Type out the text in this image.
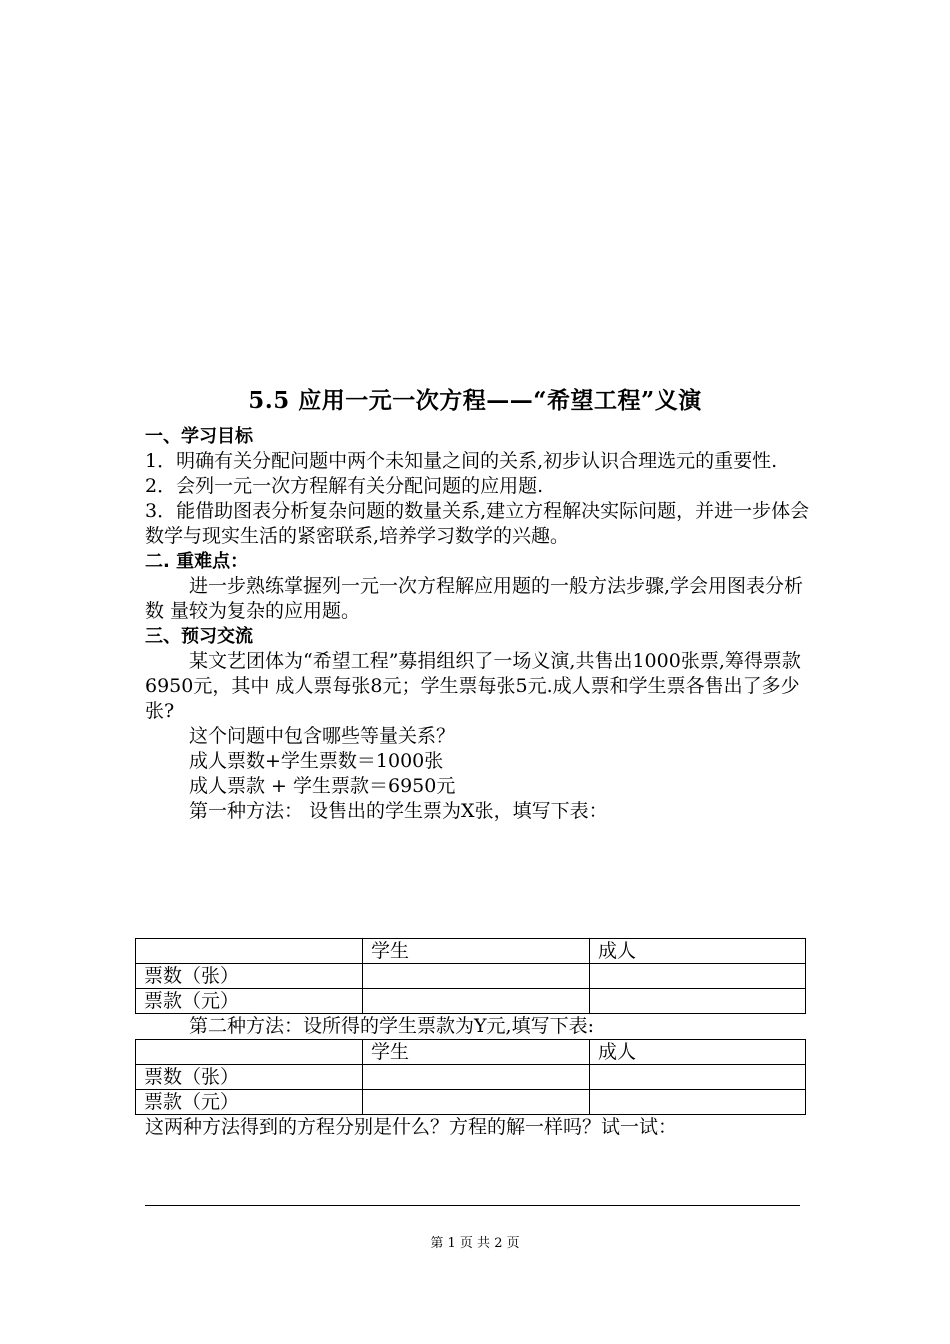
5.5 应用一元一次方程——“希望工程”义演
一、学习目标

1．明确有关分配问题中两个未知量之间的关系,初步认识合理选元的重要性.

2．会列一元一次方程解有关分配问题的应用题.

3．能借助图表分析复杂问题的数量关系,建立方程解决实际问题，并进一步体会数学与现实生活的紧密联系,培养学习数学的兴趣。

二. 重难点：

进一步熟练掌握列一元一次方程解应用题的一般方法步骤,学会用图表分析数 量较为复杂的应用题。

三、预习交流

某文艺团体为“希望工程”募捐组织了一场义演,共售出1000张票,筹得票款6950元，其中 成人票每张8元；学生票每张5元.成人票和学生票各售出了多少张?

这个问题中包含哪些等量关系？

成人票数+学生票数＝1000张

成人票款 + 学生票款＝6950元

第一种方法： 设售出的学生票为X张，填写下表：

	学生	成人
票数（张）		
票款（元）		

第二种方法：设所得的学生票款为Y元,填写下表:

	学生	成人
票数（张）		
票款（元）		

这两种方法得到的方程分别是什么？方程的解一样吗？试一试：

第 1 页 共 2 页
